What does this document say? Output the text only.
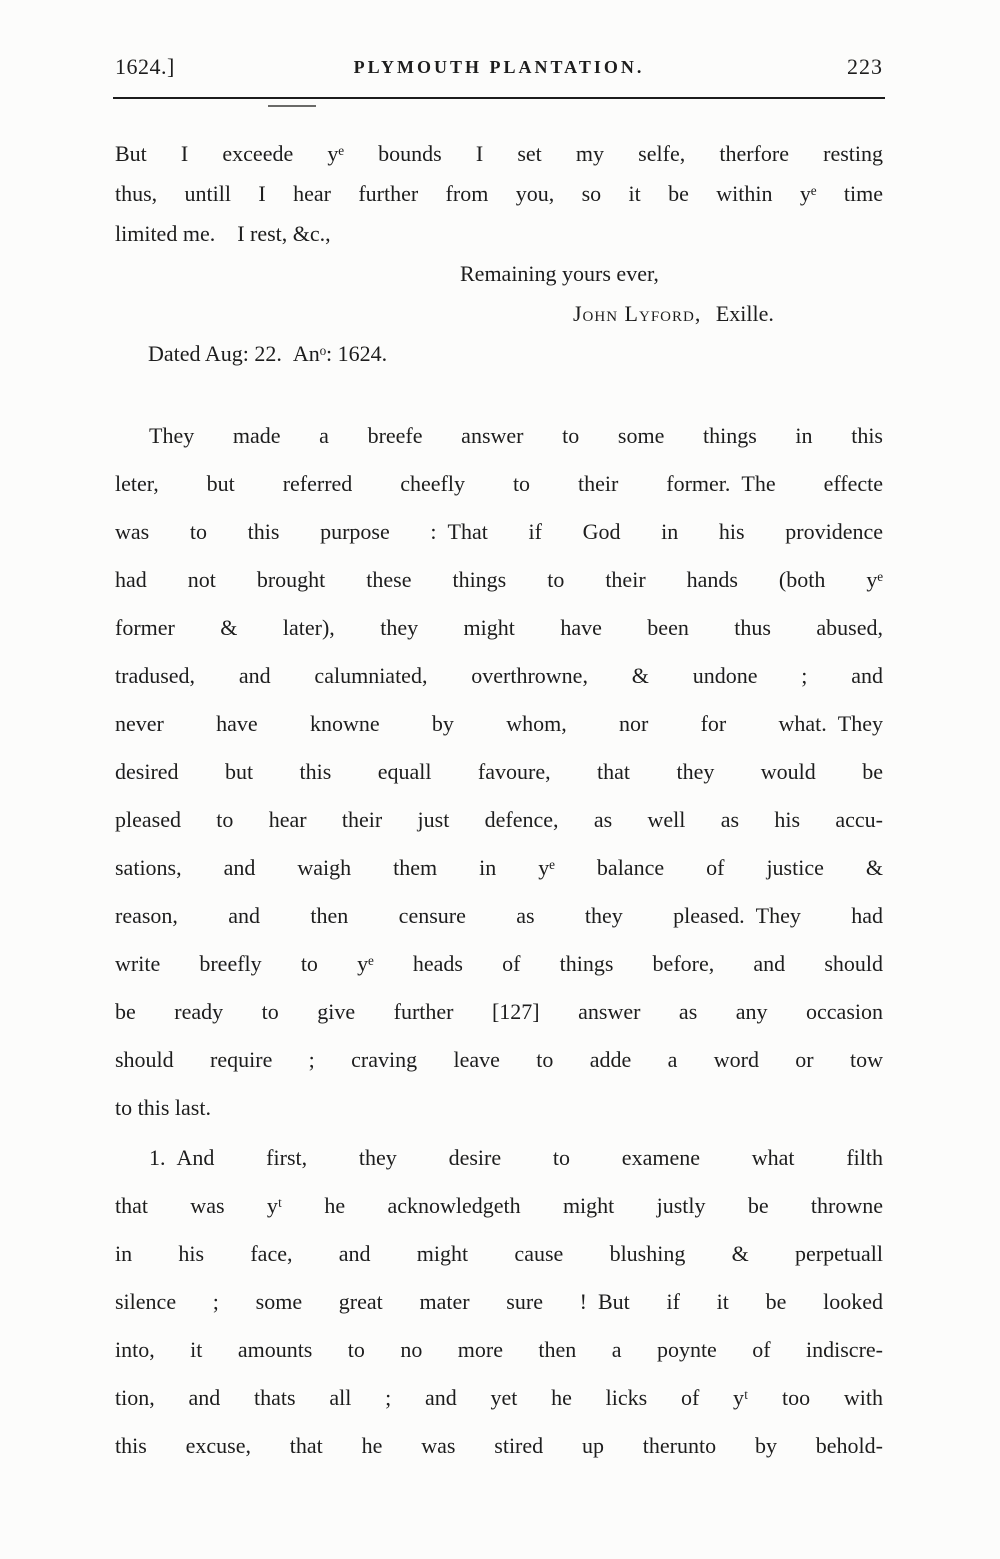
1624.]	PLYMOUTH PLANTATION.	223
But I exceede yᵉ bounds I set my selfe, therfore resting
thus, untill I hear further from you, so it be within yᵉ time
limited me. I rest, &c.,
Remaining yours ever,
John Lyford, Exille.
Dated Aug: 22. Anᵒ: 1624.
They made a breefe answer to some things in this
leter, but referred cheefly to their former. The effecte
was to this purpose : That if God in his providence
had not brought these things to their hands (both yᵉ
former & later), they might have been thus abused,
tradused, and calumniated, overthrowne, & undone ; and
never have knowne by whom, nor for what. They
desired but this equall favoure, that they would be
pleased to hear their just defence, as well as his accu-
sations, and waigh them in yᵉ balance of justice &
reason, and then censure as they pleased. They had
write breefly to yᵉ heads of things before, and should
be ready to give further [127] answer as any occasion
should require ; craving leave to adde a word or tow
to this last.
1. And first, they desire to examene what filth
that was yᵗ he acknowledgeth might justly be throwne
in his face, and might cause blushing & perpetuall
silence ; some great mater sure ! But if it be looked
into, it amounts to no more then a poynte of indiscre-
tion, and thats all ; and yet he licks of yᵗ too with
this excuse, that he was stired up therunto by behold-
